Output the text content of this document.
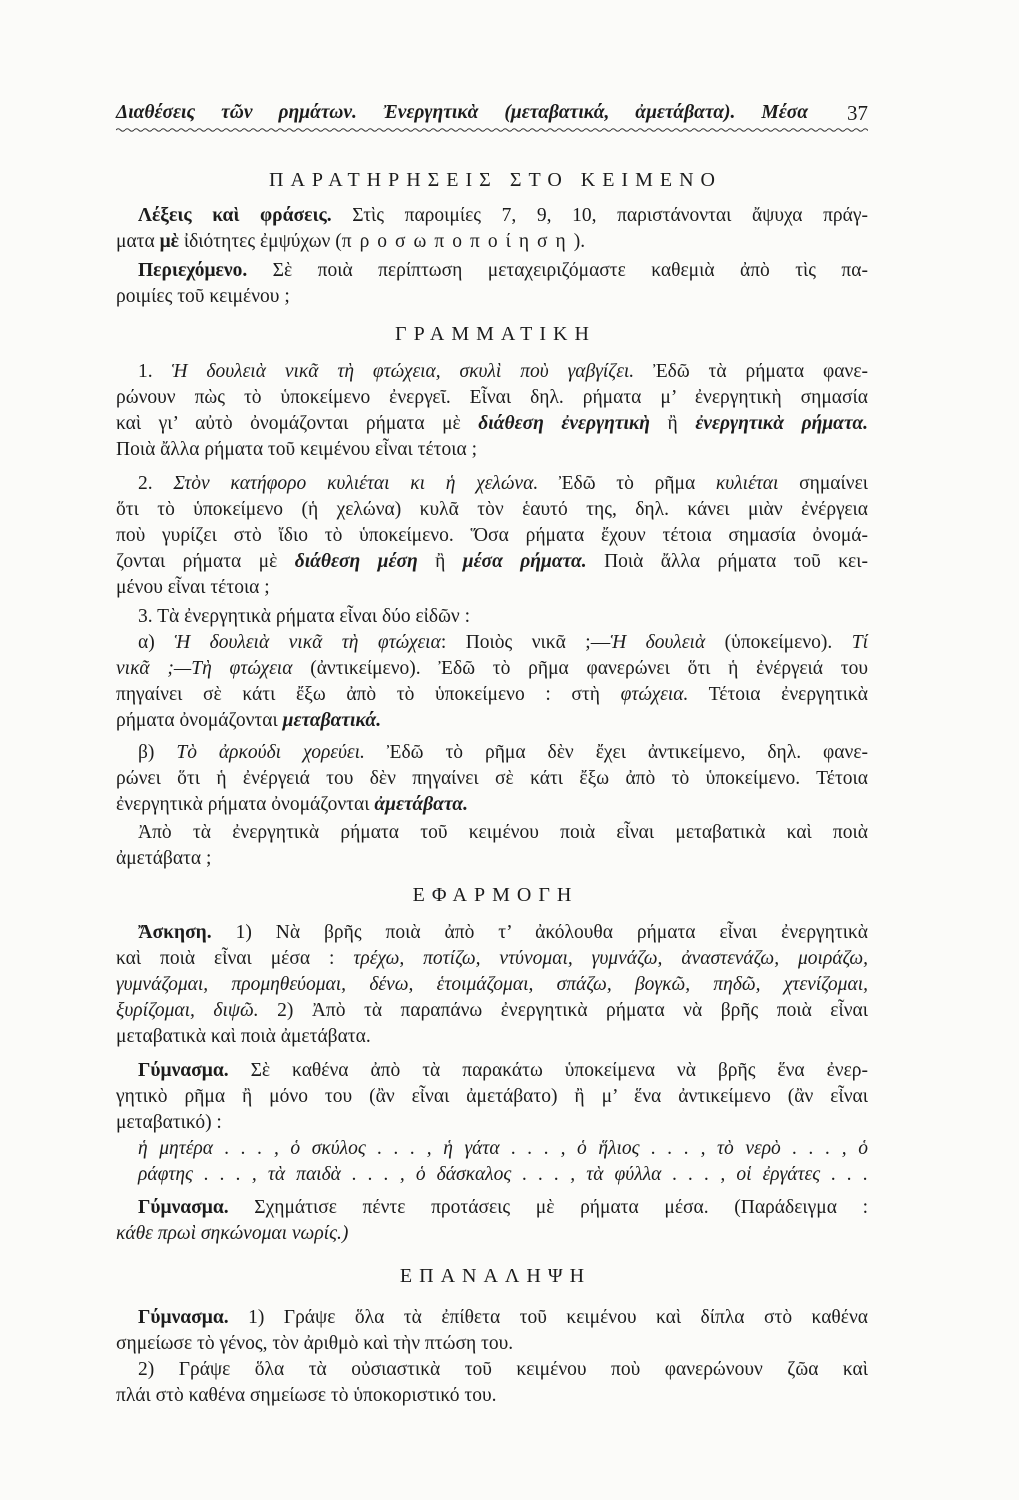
Διαθέσεις τῶν ρημάτων. Ἐνεργητικὰ (μεταβατικά, ἀμετάβατα). Μέσα 37
ΠΑΡΑΤΗΡΗΣΕΙΣ ΣΤΟ ΚΕΙΜΕΝΟ
Λέξεις καὶ φράσεις. Στὶς παροιμίες 7, 9, 10, παριστάνονται ἄψυχα πράγ-
ματα μὲ ἰδιότητες ἐμψύχων (προσωποποίηση).
Περιεχόμενο. Σὲ ποιὰ περίπτωση μεταχειριζόμαστε καθεμιὰ ἀπὸ τὶς πα-
ροιμίες τοῦ κειμένου ;
ΓΡΑΜΜΑΤΙΚΗ
1. Ἡ δουλειὰ νικᾶ τὴ φτώχεια, σκυλὶ ποὺ γαβγίζει. Ἐδῶ τὰ ρήματα φανε-
ρώνουν πὼς τὸ ὑποκείμενο ἐνεργεῖ. Εἶναι δηλ. ρήματα μ’ ἐνεργητικὴ σημασία
καὶ γι’ αὐτὸ ὀνομάζονται ρήματα μὲ διάθεση ἐνεργητικὴ ἢ ἐνεργητικὰ ρήματα.
Ποιὰ ἄλλα ρήματα τοῦ κειμένου εἶναι τέτοια ;
2. Στὸν κατήφορο κυλιέται κι ἡ χελώνα. Ἐδῶ τὸ ρῆμα κυλιέται σημαίνει
ὅτι τὸ ὑποκείμενο (ἡ χελώνα) κυλᾶ τὸν ἑαυτό της, δηλ. κάνει μιὰν ἐνέργεια
ποὺ γυρίζει στὸ ἴδιο τὸ ὑποκείμενο. Ὅσα ρήματα ἔχουν τέτοια σημασία ὀνομά-
ζονται ρήματα μὲ διάθεση μέση ἢ μέσα ρήματα. Ποιὰ ἄλλα ρήματα τοῦ κει-
μένου εἶναι τέτοια ;
3. Τὰ ἐνεργητικὰ ρήματα εἶναι δύο εἰδῶν :
α) Ἡ δουλειὰ νικᾶ τὴ φτώχεια: Ποιὸς νικᾶ ;—Ἡ δουλειὰ (ὑποκείμενο). Τί
νικᾶ ;—Τὴ φτώχεια (ἀντικείμενο). Ἐδῶ τὸ ρῆμα φανερώνει ὅτι ἡ ἐνέργειά του
πηγαίνει σὲ κάτι ἔξω ἀπὸ τὸ ὑποκείμενο : στὴ φτώχεια. Τέτοια ἐνεργητικὰ
ρήματα ὀνομάζονται μεταβατικά.
β) Τὸ ἀρκούδι χορεύει. Ἐδῶ τὸ ρῆμα δὲν ἔχει ἀντικείμενο, δηλ. φανε-
ρώνει ὅτι ἡ ἐνέργειά του δὲν πηγαίνει σὲ κάτι ἔξω ἀπὸ τὸ ὑποκείμενο. Τέτοια
ἐνεργητικὰ ρήματα ὀνομάζονται ἀμετάβατα.
Ἀπὸ τὰ ἐνεργητικὰ ρήματα τοῦ κειμένου ποιὰ εἶναι μεταβατικὰ καὶ ποιὰ
ἀμετάβατα ;
ΕΦΑΡΜΟΓΗ
Ἄσκηση. 1) Νὰ βρῆς ποιὰ ἀπὸ τ’ ἀκόλουθα ρήματα εἶναι ἐνεργητικὰ
καὶ ποιὰ εἶναι μέσα : τρέχω, ποτίζω, ντύνομαι, γυμνάζω, ἀναστενάζω, μοιράζω,
γυμνάζομαι, προμηθεύομαι, δένω, ἑτοιμάζομαι, σπάζω, βογκῶ, πηδῶ, χτενίζομαι,
ξυρίζομαι, διψῶ. 2) Ἀπὸ τὰ παραπάνω ἐνεργητικὰ ρήματα νὰ βρῆς ποιὰ εἶναι
μεταβατικὰ καὶ ποιὰ ἀμετάβατα.
Γύμνασμα. Σὲ καθένα ἀπὸ τὰ παρακάτω ὑποκείμενα νὰ βρῆς ἕνα ἐνερ-
γητικὸ ρῆμα ἢ μόνο του (ἂν εἶναι ἀμετάβατο) ἢ μ’ ἕνα ἀντικείμενο (ἂν εἶναι
μεταβατικό) :
ἡ μητέρα . . . , ὁ σκύλος . . . , ἡ γάτα . . . , ὁ ἥλιος . . . , τὸ νερὸ . . . , ὁ
ράφτης . . . , τὰ παιδὰ . . . , ὁ δάσκαλος . . . , τὰ φύλλα . . . , οἱ ἐργάτες . . .
Γύμνασμα. Σχημάτισε πέντε προτάσεις μὲ ρήματα μέσα. (Παράδειγμα :
κάθε πρωὶ σηκώνομαι νωρίς.)
ΕΠΑΝΑΛΗΨΗ
Γύμνασμα. 1) Γράψε ὅλα τὰ ἐπίθετα τοῦ κειμένου καὶ δίπλα στὸ καθένα
σημείωσε τὸ γένος, τὸν ἀριθμὸ καὶ τὴν πτώση του.
2) Γράψε ὅλα τὰ οὐσιαστικὰ τοῦ κειμένου ποὺ φανερώνουν ζῶα καὶ
πλάι στὸ καθένα σημείωσε τὸ ὑποκοριστικό του.
